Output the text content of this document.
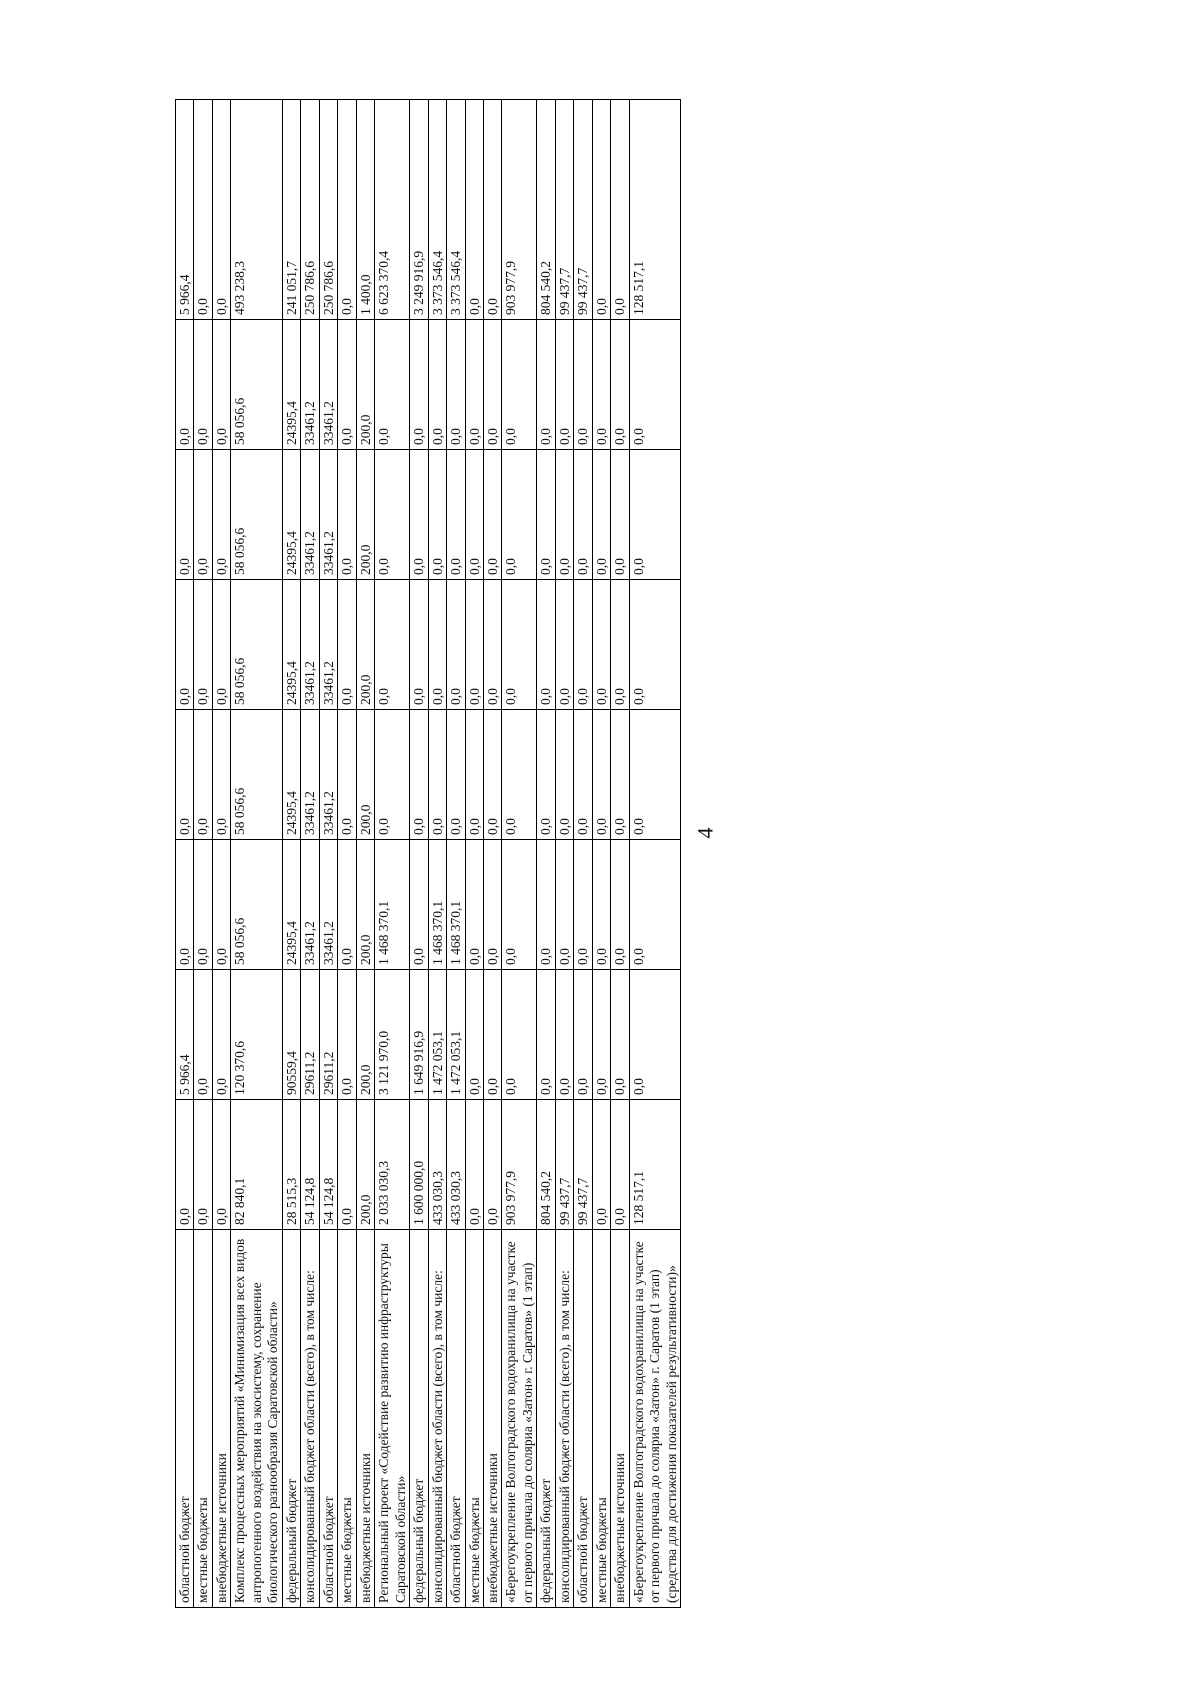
4
областной бюджет	0,0	5 966,4	0,0	0,0	0,0	0,0	0,0	5 966,4
местные бюджеты	0,0	0,0	0,0	0,0	0,0	0,0	0,0	0,0
внебюджетные источники	0,0	0,0	0,0	0,0	0,0	0,0	0,0	0,0
Комплекс процессных мероприятий «Минимизация всех видов антропогенного воздействия на экосистему, сохранение биологического разнообразия Саратовской области»	82 840,1	120 370,6	58 056,6	58 056,6	58 056,6	58 056,6	58 056,6	493 238,3
федеральный бюджет	28 515,3	90559,4	24395,4	24395,4	24395,4	24395,4	24395,4	241 051,7
консолидированный бюджет области (всего), в том числе:	54 124,8	29611,2	33461,2	33461,2	33461,2	33461,2	33461,2	250 786,6
областной бюджет	54 124,8	29611,2	33461,2	33461,2	33461,2	33461,2	33461,2	250 786,6
местные бюджеты	0,0	0,0	0,0	0,0	0,0	0,0	0,0	0,0
внебюджетные источники	200,0	200,0	200,0	200,0	200,0	200,0	200,0	1 400,0
Региональный проект «Содействие развитию инфраструктуры Саратовской области»	2 033 030,3	3 121 970,0	1 468 370,1	0,0	0,0	0,0	0,0	6 623 370,4
федеральный бюджет	1 600 000,0	1 649 916,9	0,0	0,0	0,0	0,0	0,0	3 249 916,9
консолидированный бюджет области (всего), в том числе:	433 030,3	1 472 053,1	1 468 370,1	0,0	0,0	0,0	0,0	3 373 546,4
областной бюджет	433 030,3	1 472 053,1	1 468 370,1	0,0	0,0	0,0	0,0	3 373 546,4
местные бюджеты	0,0	0,0	0,0	0,0	0,0	0,0	0,0	0,0
внебюджетные источники	0,0	0,0	0,0	0,0	0,0	0,0	0,0	0,0
«Берегоукрепление Волгоградского водохранилища на участке от первого причала до соляриа «Затон» г. Саратов» (1 этап)	903 977,9	0,0	0,0	0,0	0,0	0,0	0,0	903 977,9
федеральный бюджет	804 540,2	0,0	0,0	0,0	0,0	0,0	0,0	804 540,2
консолидированный бюджет области (всего), в том числе:	99 437,7	0,0	0,0	0,0	0,0	0,0	0,0	99 437,7
областной бюджет	99 437,7	0,0	0,0	0,0	0,0	0,0	0,0	99 437,7
местные бюджеты	0,0	0,0	0,0	0,0	0,0	0,0	0,0	0,0
внебюджетные источники	0,0	0,0	0,0	0,0	0,0	0,0	0,0	0,0
«Берегоукрепление Волгоградского водохранилища на участке от первого причала до соляриа «Затон» г. Саратов (1 этап) (средства для достижения показателей результативности)»	128 517,1	0,0	0,0	0,0	0,0	0,0	0,0	128 517,1
